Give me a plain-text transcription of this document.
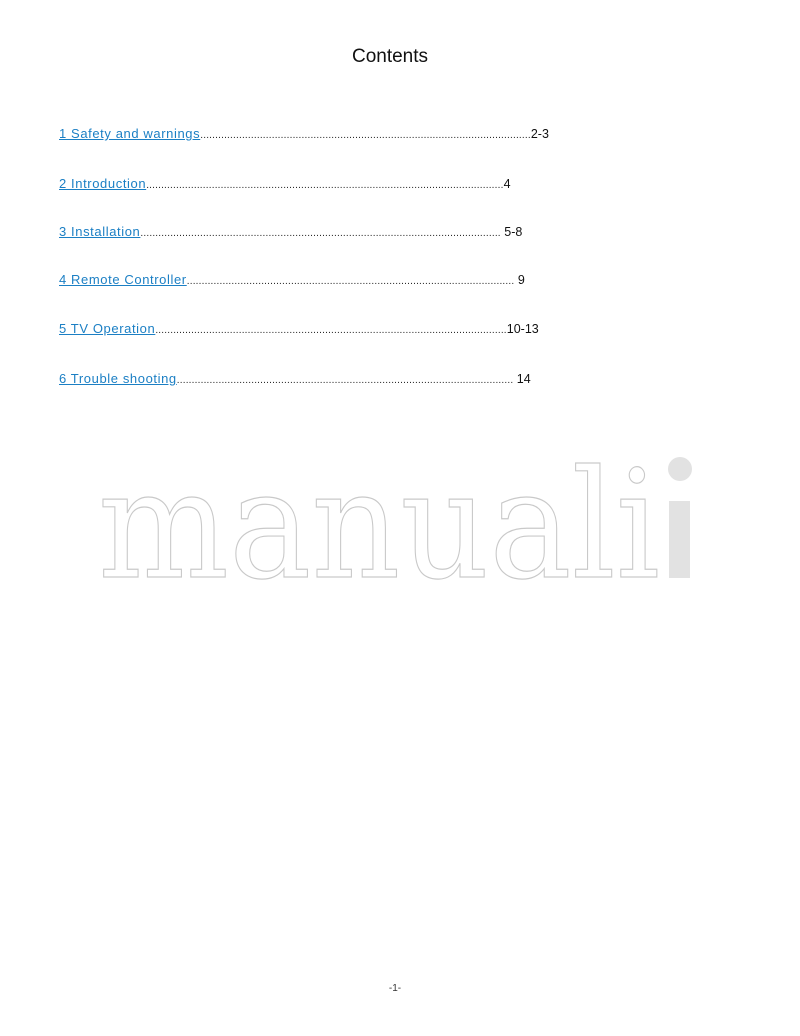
Contents
1 Safety and warnings...............................................................................................................2-3
2 Introduction........................................................................................................................4
3 Installation......................................................................................................................... 5-8
4 Remote Controller.............................................................................................................. 9
5 TV Operation......................................................................................................................10-13
6 Trouble shooting................................................................................................................. 14
manuali
-1-
